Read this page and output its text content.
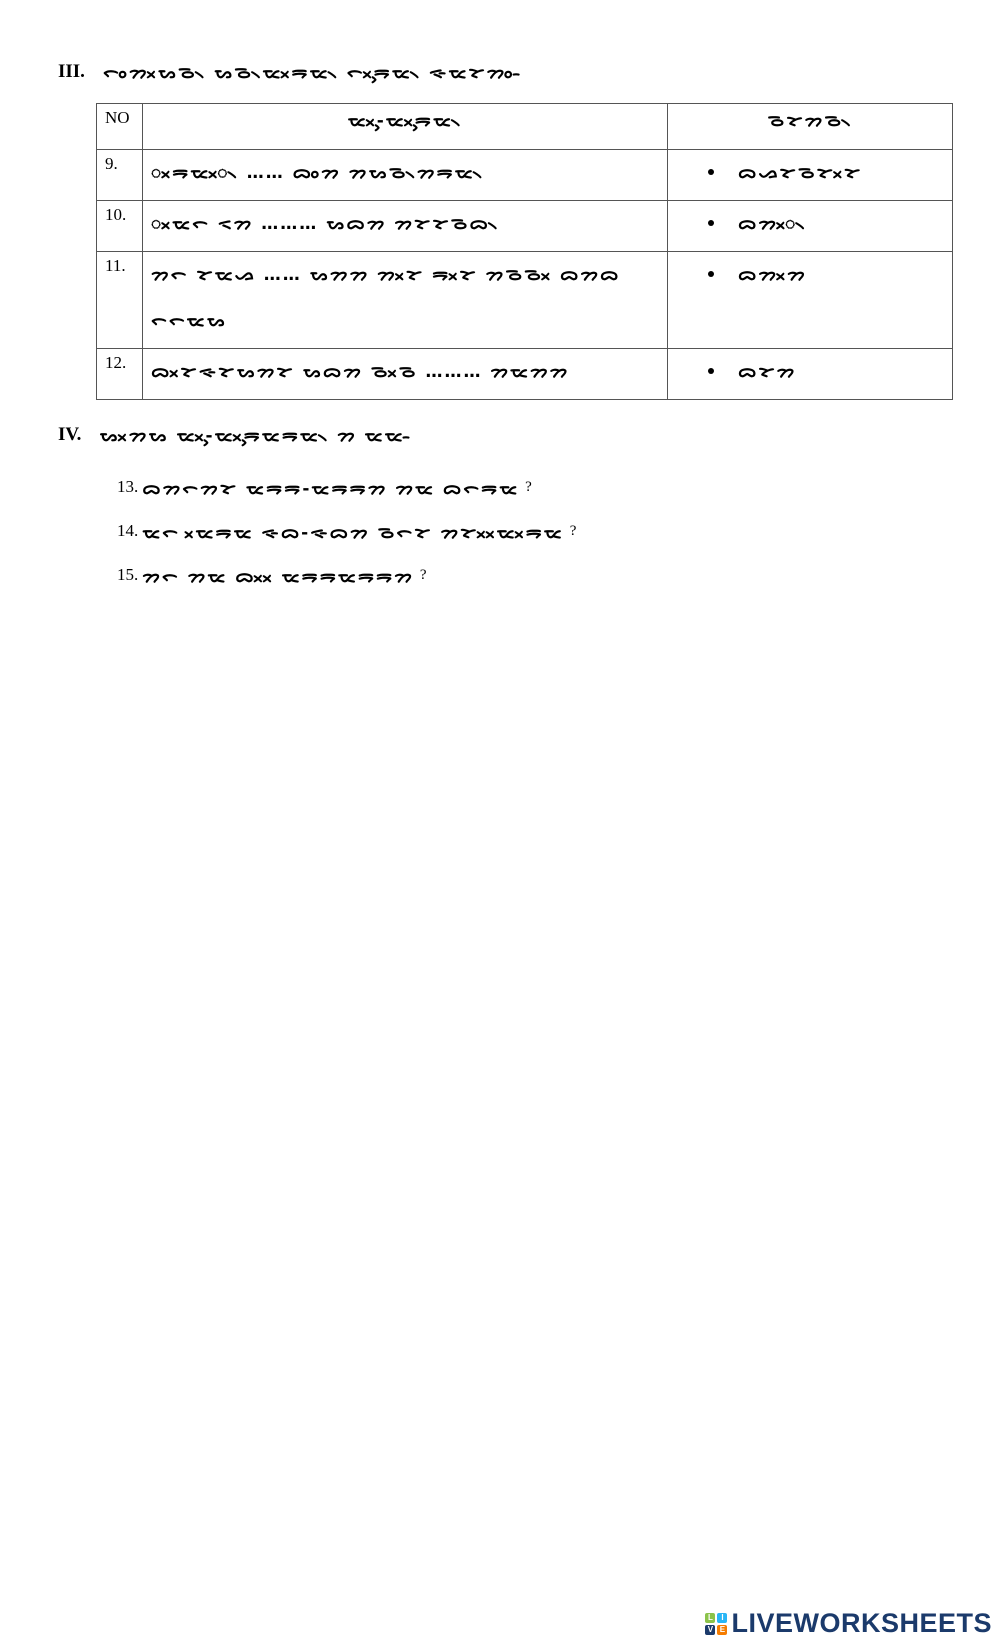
III. ᯞᯪᯂᯬᯗᯉ᯲ ᯗᯉ᯲ᯔᯬᯒᯔ᯲ ᯞᯬᯮᯒᯔ᯲ ᯐᯔᯘᯪᯂ᯳
NO	ᯔᯬᯮ-ᯔᯬᯮᯒᯔ᯲	ᯉᯘᯂᯉ᯲
9.	ᯬᯒᯔᯬ᯲ …… ᯅᯪᯂ ᯂᯗᯉ᯲ᯂᯒᯔ᯲	ᯅᯀᯘᯉᯘᯬᯘ

10.	ᯬᯔᯞ ᯑᯂ ……… ᯗᯅᯂ ᯂᯘᯘᯉᯅ᯲	ᯅᯂᯬ᯲

11.	ᯂᯞ ᯘᯔᯀ …… ᯗᯂᯂ ᯂᯬᯘ ᯒᯬᯘ ᯂᯉᯉᯬ ᯅᯂᯅ
ᯞᯞᯔᯗ	ᯅᯂᯬᯂ

12.	ᯅᯬᯘᯐᯘᯗᯂᯘ ᯗᯅᯂ ᯉᯬᯉ ……… ᯂᯔᯂᯂ	ᯅᯘᯂ
IV. ᯗᯬᯂᯗ ᯔᯬᯮ-ᯔᯬᯮᯒᯔᯒᯔ᯲ ᯂ ᯔᯔ᯳
13. ᯅᯂᯞᯂᯘ ᯔᯒᯒ-ᯔᯒᯒᯂ ᯂᯔ ᯅᯞᯒᯔ ?
14. ᯔᯞ ᯬᯔᯒᯔ ᯐᯅ-ᯐᯅᯂ ᯉᯞᯘ ᯂᯘᯬᯬᯔᯬᯒᯔ ?
15. ᯂᯞ ᯂᯔ ᯅᯬᯬ ᯔᯒᯒᯔᯒᯒᯂ ?
L	I
V E LIVEWORKSHEETS
